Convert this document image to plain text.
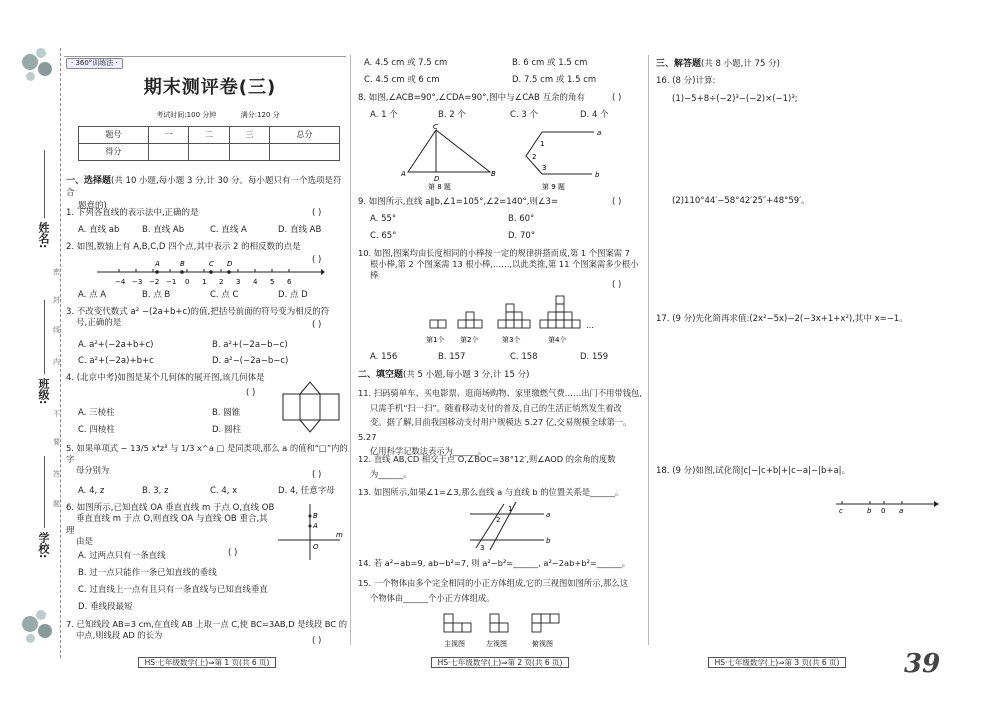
姓名:
班级:
学校:
密
封
线
内
不
要
答
题
· 360°训练法 ·
期末测评卷(三)
考试时间:100 分钟	满分:120 分
题号	一	二	三	总分
得分				
一、选择题(共 10 小题,每小题 3 分,计 30 分。每小题只有一个选项是符合
题意的)
1. 下列各直线的表示法中,正确的是	( )
A. 直线 ab	B. 直线 Ab	C. 直线 A	D. 直线 AB
2. 如图,数轴上有 A,B,C,D 四个点,其中表示 2 的相反数的点是
( )
A	B	C D
−4 −3 −2 −1 0 1 2 3 4 5 6
A. 点 A	B. 点 B	C. 点 C	D. 点 D
3. 不改变代数式 a² −(2a+b+c)的值,把括号前面的符号变为相反的符
号,正确的是	( )
A. a²+(−2a+b+c)	B. a²+(−2a−b−c)
C. a²+(−2a)+b+c	D. a²−(−2a−b−c)
4. (北京中考)如图是某个几何体的展开图,该几何体是
( )
A. 三棱柱	B. 圆锥
C. 四棱柱	D. 圆柱
5. 如果单项式 − 13/5 x⁴z³ 与 1/3 x^a □ 是同类项,那么 a 的值和“□”内的字
母分别为	( )
A. 4, z	B. 3, z	C. 4, x	D. 4, 任意字母
6. 如图所示,已知直线 OA 垂直直线 m 于点 O,直线 OB
垂直直线 m 于点 O,则直线 OA 与直线 OB 重合,其理
由是
( )
B
A
O
m
A. 过两点只有一条直线
B. 过一点只能作一条已知直线的垂线
C. 过直线上一点有且只有一条直线与已知直线垂直
D. 垂线段最短
7. 已知线段 AB=3 cm,在直线 AB 上取一点 C,使 BC=3AB,D 是线段 BC 的
中点,则线段 AD 的长为
( )
HS·七年级数学(上)⇒第 1 页(共 6 页)
A. 4.5 cm 或 7.5 cm	B. 6 cm 或 1.5 cm
C. 4.5 cm 或 6 cm	D. 7.5 cm 或 1.5 cm
8. 如图,∠ACB=90°,∠CDA=90°,图中与∠CAB 互余的角有	( )
A. 1 个	B. 2 个	C. 3 个	D. 4 个
A
C
D
B
第 8 题
a
b
1
2
3
第 9 题
9. 如图所示,直线 a∥b,∠1=105°,∠2=140°,则∠3=	( )
A. 55°	B. 60°
C. 65°	D. 70°
10. 如图,图案均由长度相同的小棒按一定的规律拼搭而成,第 1 个图案需 7
根小棒,第 2 个图案需 13 根小棒,……,以此类推,第 11 个图案需多少根小
棒
( )
…
第1个 第2个	第3个	第4个
A. 156	B. 157	C. 158	D. 159
二、填空题(共 5 小题,每小题 3 分,计 15 分)
11. 扫码骑单车、买电影票、逛商场购物、家里缴燃气费……出门不用带钱包,
只需手机“扫一扫”。随着移动支付的普及,自己的生活正悄然发生着改
变。据了解,目前我国移动支付用户规模达 5.27 亿,交易规模全球第一。5.27
亿用科学记数法表示为______。
12. 直线 AB,CD 相交于点 O,∠BOC=38°12′,则∠AOD 的余角的度数
为______。
13. 如图所示,如果∠1=∠3,那么直线 a 与直线 b 的位置关系是______。
a
b
1
2
3
14. 若 a²−ab=9, ab−b²=7, 则 a²−b²=______, a²−2ab+b²=______。
15. 一个物体由多个完全相同的小正方体组成,它的三视图如图所示,那么这
个物体由______个小正方体组成。
主视图	左视图	俯视图
HS·七年级数学(上)⇒第 2 页(共 6 页)
三、解答题(共 8 小题,计 75 分)
16. (8 分)计算:
(1)−5+8÷(−2)³−(−2)×(−1)³;
(2)110°44′−58°42′25″+48°59′。
17. (9 分)先化简再求值:(2x²−5x)−2(−3x+1+x²),其中 x=−1。
18. (9 分)如图,试化简|c|−|c+b|+|c−a|−|b+a|。
c	b 0 a
HS·七年级数学(上)⇒第 3 页(共 6 页)	39
